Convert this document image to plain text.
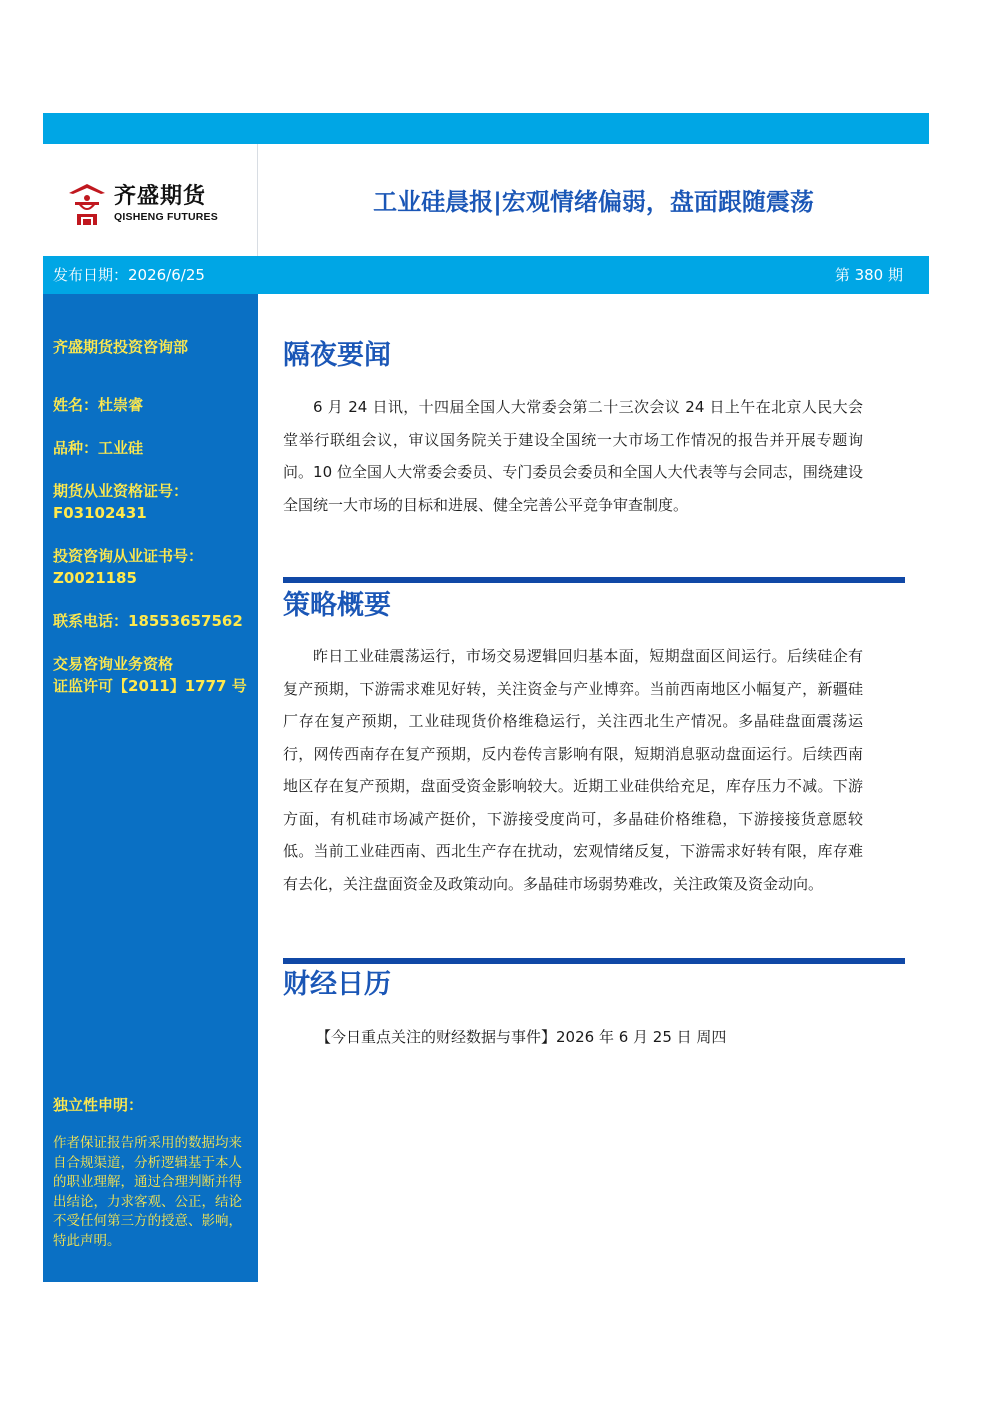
齐盛期货
QISHENG FUTURES
工业硅晨报|宏观情绪偏弱，盘面跟随震荡
发布日期：2026/6/25	第 380 期
齐盛期货投资咨询部
姓名：杜崇睿
品种：工业硅
期货从业资格证号：
F03102431
投资咨询从业证书号：
Z0021185
联系电话：18553657562
交易咨询业务资格
证监许可【2011】1777 号
独立性申明：
作者保证报告所采用的数据均来自合规渠道，分析逻辑基于本人的职业理解，通过合理判断并得出结论，力求客观、公正，结论不受任何第三方的授意、影响，特此声明。
隔夜要闻

6 月 24 日讯，十四届全国人大常委会第二十三次会议 24 日上午在北京人民大会堂举行联组会议，审议国务院关于建设全国统一大市场工作情况的报告并开展专题询问。10 位全国人大常委会委员、专门委员会委员和全国人大代表等与会同志，围绕建设全国统一大市场的目标和进展、健全完善公平竞争审查制度。

策略概要

昨日工业硅震荡运行，市场交易逻辑回归基本面，短期盘面区间运行。后续硅企有复产预期，下游需求难见好转，关注资金与产业博弈。当前西南地区小幅复产，新疆硅厂存在复产预期，工业硅现货价格维稳运行，关注西北生产情况。多晶硅盘面震荡运行，网传西南存在复产预期，反内卷传言影响有限，短期消息驱动盘面运行。后续西南地区存在复产预期，盘面受资金影响较大。近期工业硅供给充足，库存压力不减。下游方面，有机硅市场减产挺价，下游接受度尚可，多晶硅价格维稳，下游接接货意愿较低。当前工业硅西南、西北生产存在扰动，宏观情绪反复，下游需求好转有限，库存难有去化，关注盘面资金及政策动向。多晶硅市场弱势难改，关注政策及资金动向。

财经日历

【今日重点关注的财经数据与事件】2026 年 6 月 25 日 周四
